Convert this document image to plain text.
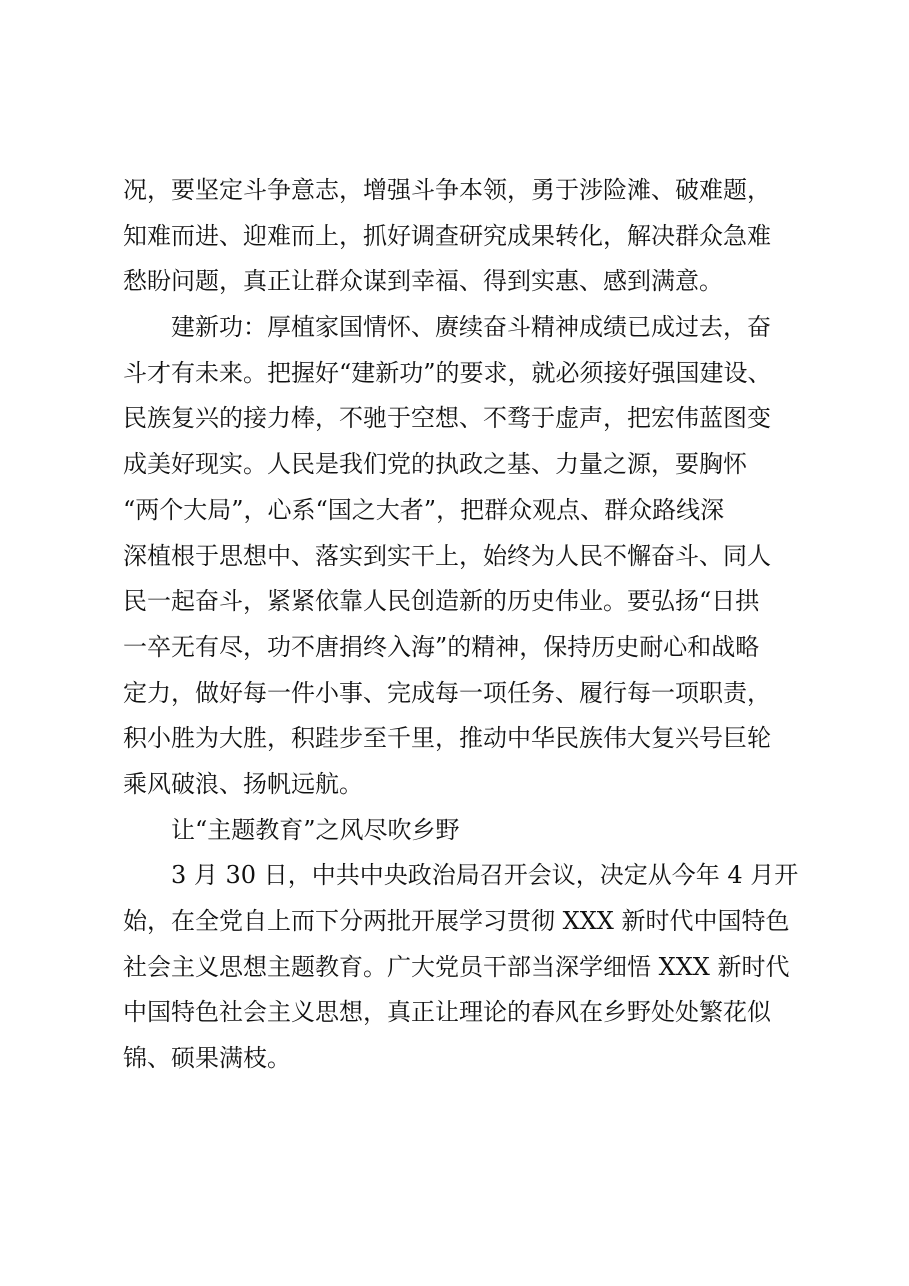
况，要坚定斗争意志，增强斗争本领，勇于涉险滩、破难题，
知难而进、迎难而上，抓好调查研究成果转化，解决群众急难
愁盼问题，真正让群众谋到幸福、得到实惠、感到满意。
建新功：厚植家国情怀、赓续奋斗精神成绩已成过去，奋
斗才有未来。把握好“建新功”的要求，就必须接好强国建设、
民族复兴的接力棒，不驰于空想、不骛于虚声，把宏伟蓝图变
成美好现实。人民是我们党的执政之基、力量之源，要胸怀
“两个大局”，心系“国之大者”，把群众观点、群众路线深
深植根于思想中、落实到实干上，始终为人民不懈奋斗、同人
民一起奋斗，紧紧依靠人民创造新的历史伟业。要弘扬“日拱
一卒无有尽，功不唐捐终入海”的精神，保持历史耐心和战略
定力，做好每一件小事、完成每一项任务、履行每一项职责，
积小胜为大胜，积跬步至千里，推动中华民族伟大复兴号巨轮
乘风破浪、扬帆远航。
让“主题教育”之风尽吹乡野
3 月 30 日，中共中央政治局召开会议，决定从今年 4 月开
始，在全党自上而下分两批开展学习贯彻 XXX 新时代中国特色
社会主义思想主题教育。广大党员干部当深学细悟 XXX 新时代
中国特色社会主义思想，真正让理论的春风在乡野处处繁花似
锦、硕果满枝。
